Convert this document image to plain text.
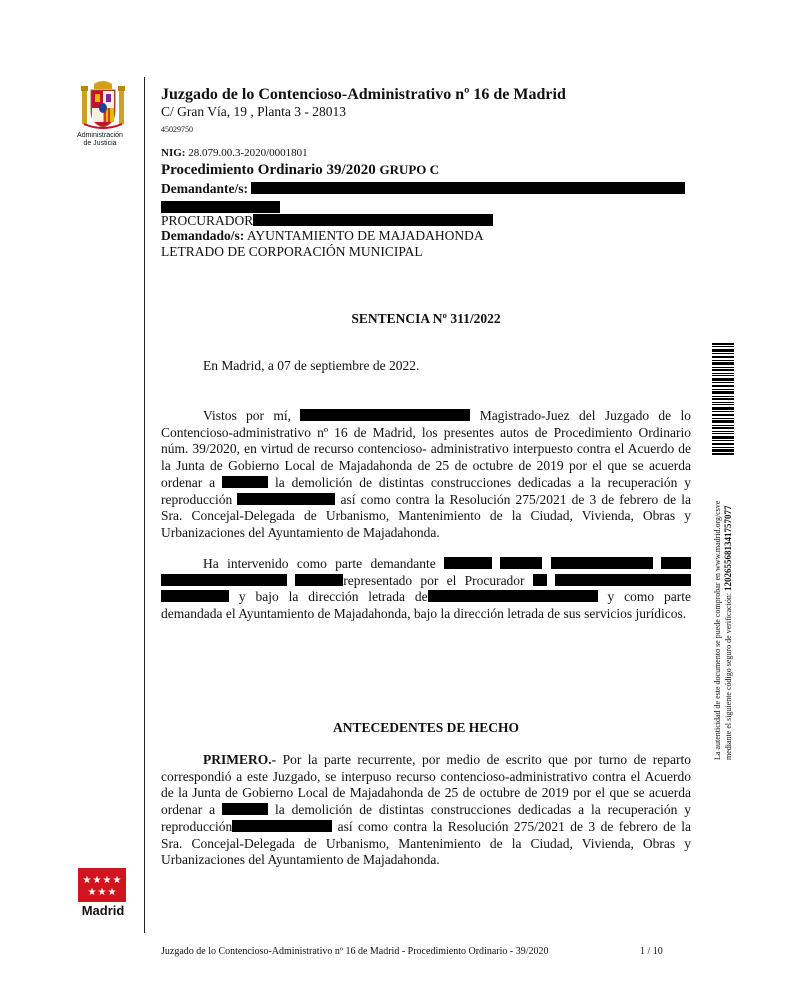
Administración
de Justicia
Juzgado de lo Contencioso-Administrativo nº 16 de Madrid
C/ Gran Vía, 19 , Planta 3 - 28013
45029750
NIG: 28.079.00.3-2020/0001801
Procedimiento Ordinario 39/2020 GRUPO C
Demandante/s:
PROCURADOR
Demandado/s: AYUNTAMIENTO DE MAJADAHONDA
LETRADO DE CORPORACIÓN MUNICIPAL
SENTENCIA Nº 311/2022
En Madrid, a 07 de septiembre de 2022.
Vistos por mí,	Magistrado-Juez del Juzgado de lo Contencioso-administrativo nº 16 de Madrid, los presentes autos de Procedimiento Ordinario núm. 39/2020, en virtud de recurso contencioso- administrativo interpuesto contra el Acuerdo de la Junta de Gobierno Local de Majadahonda de 25 de octubre de 2019 por el que se acuerda ordenar a	la demolición de distintas construcciones dedicadas a la recuperación y reproducción	así como contra la Resolución 275/2021 de 3 de febrero de la Sra. Concejal-Delegada de Urbanismo, Mantenimiento de la Ciudad, Vivienda, Obras y Urbanizaciones del Ayuntamiento de Majadahonda.
Ha intervenido como parte demandante      representado por el Procurador    y bajo la dirección letrada de	y como parte demandada el Ayuntamiento de Majadahonda, bajo la dirección letrada de sus servicios jurídicos.
ANTECEDENTES DE HECHO
PRIMERO.- Por la parte recurrente, por medio de escrito que por turno de reparto correspondió a este Juzgado, se interpuso recurso contencioso-administrativo contra el Acuerdo de la Junta de Gobierno Local de Majadahonda de 25 de octubre de 2019 por el que se acuerda ordenar a	la demolición de distintas construcciones dedicadas a la recuperación y reproducción	así como contra la Resolución 275/2021 de 3 de febrero de la Sra. Concejal-Delegada de Urbanismo, Mantenimiento de la Ciudad, Vivienda, Obras y Urbanizaciones del Ayuntamiento de Majadahonda.
La autenticidad de este documento se puede comprobar en www.madrid.org/csve mediante el siguiente código seguro de verificación: 1202655681341757077
★ ★ ★ ★
★ ★ ★
Madrid
Juzgado de lo Contencioso-Administrativo nº 16 de Madrid - Procedimiento Ordinario - 39/2020	1 / 10
